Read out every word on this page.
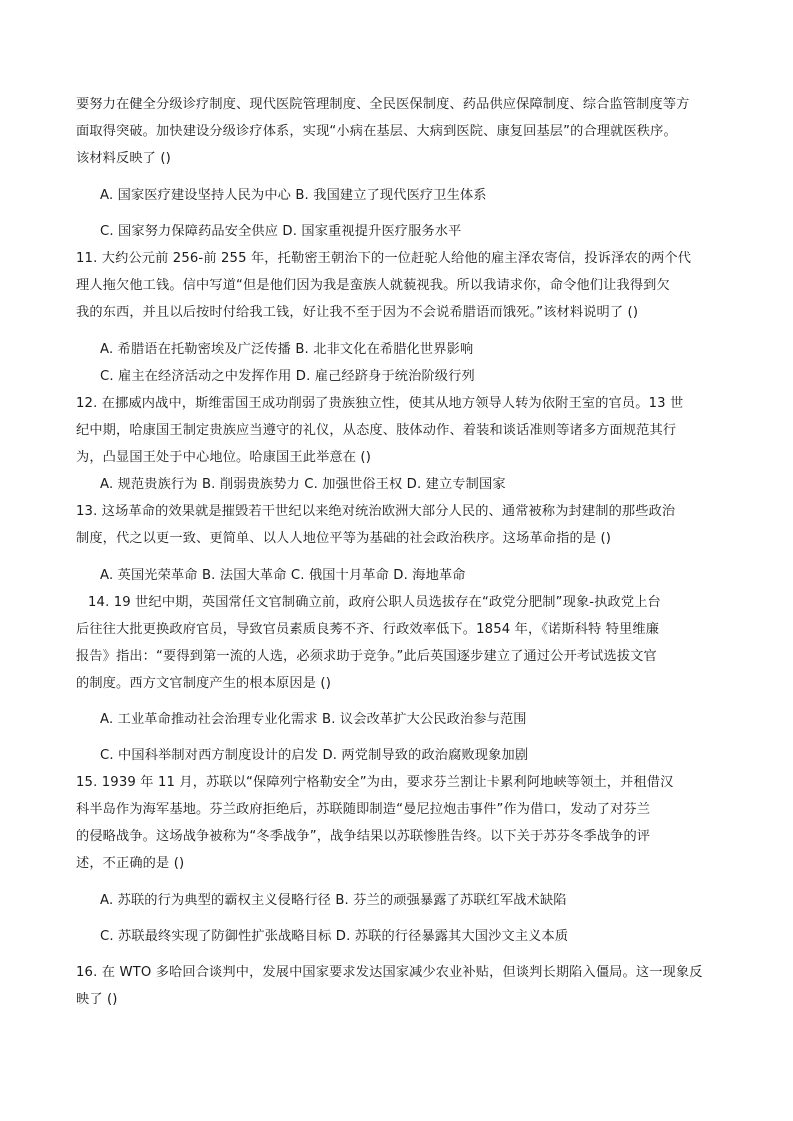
要努力在健全分级诊疗制度、现代医院管理制度、全民医保制度、药品供应保障制度、综合监管制度等方
面取得突破。加快建设分级诊疗体系，实现“小病在基层、大病到医院、康复回基层”的合理就医秩序。
该材料反映了 ()
A. 国家医疗建设坚持人民为中心 B. 我国建立了现代医疗卫生体系
C. 国家努力保障药品安全供应 D. 国家重视提升医疗服务水平
11. 大约公元前 256-前 255 年，托勒密王朝治下的一位赶驼人给他的雇主泽农寄信，投诉泽农的两个代
理人拖欠他工钱。信中写道“但是他们因为我是蛮族人就藐视我。所以我请求你，命令他们让我得到欠
我的东西，并且以后按时付给我工钱，好让我不至于因为不会说希腊语而饿死。”该材料说明了 ()
A. 希腊语在托勒密埃及广泛传播 B. 北非文化在希腊化世界影响
C. 雇主在经济活动之中发挥作用 D. 雇己经跻身于统治阶级行列
12. 在挪威内战中，斯维雷国王成功削弱了贵族独立性，使其从地方领导人转为依附王室的官员。13 世
纪中期，哈康国王制定贵族应当遵守的礼仪，从态度、肢体动作、着装和谈话准则等诸多方面规范其行
为，凸显国王处于中心地位。哈康国王此举意在 ()
A. 规范贵族行为 B. 削弱贵族势力 C. 加强世俗王权 D. 建立专制国家
13. 这场革命的效果就是摧毁若干世纪以来绝对统治欧洲大部分人民的、通常被称为封建制的那些政治
制度，代之以更一致、更简单、以人人地位平等为基础的社会政治秩序。这场革命指的是 ()
A. 英国光荣革命 B. 法国大革命 C. 俄国十月革命 D. 海地革命
14. 19 世纪中期，英国常任文官制确立前，政府公职人员选拔存在“政党分肥制”现象-执政党上台
后往往大批更换政府官员，导致官员素质良莠不齐、行政效率低下。1854 年，《诺斯科特 特里维廉
报告》指出：“要得到第一流的人选，必须求助于竞争。”此后英国逐步建立了通过公开考试选拔文官
的制度。西方文官制度产生的根本原因是 ()
A. 工业革命推动社会治理专业化需求 B. 议会改革扩大公民政治参与范围
C. 中国科举制对西方制度设计的启发 D. 两党制导致的政治腐败现象加剧
15. 1939 年 11 月，苏联以“保障列宁格勒安全”为由，要求芬兰割让卡累利阿地峡等领土，并租借汉
科半岛作为海军基地。芬兰政府拒绝后，苏联随即制造“曼尼拉炮击事件”作为借口，发动了对芬兰
的侵略战争。这场战争被称为“冬季战争”，战争结果以苏联惨胜告终。以下关于苏芬冬季战争的评
述，不正确的是 ()
A. 苏联的行为典型的霸权主义侵略行径 B. 芬兰的顽强暴露了苏联红军战术缺陷
C. 苏联最终实现了防御性扩张战略目标 D. 苏联的行径暴露其大国沙文主义本质
16. 在 WTO 多哈回合谈判中，发展中国家要求发达国家减少农业补贴，但谈判长期陷入僵局。这一现象反
映了 ()
